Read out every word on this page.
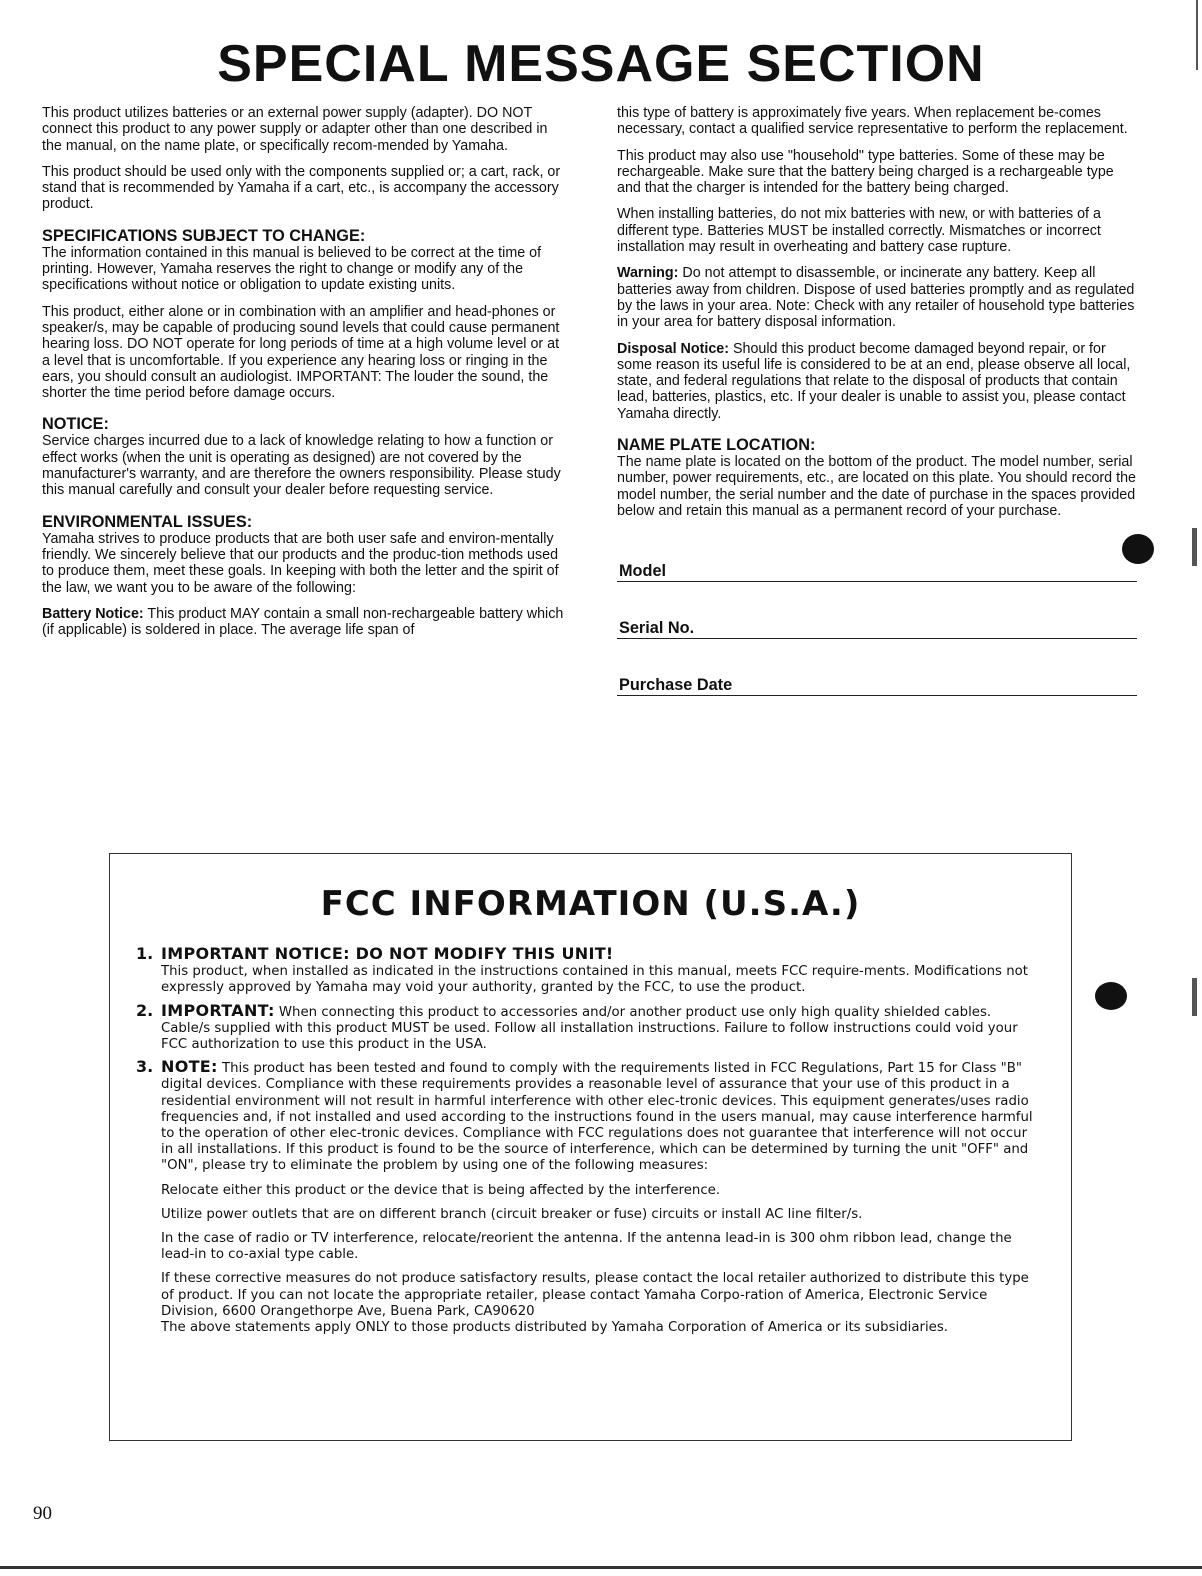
SPECIAL MESSAGE SECTION

This product utilizes batteries or an external power supply (adapter). DO NOT connect this product to any power supply or adapter other than one described in the manual, on the name plate, or specifically recom-mended by Yamaha.

This product should be used only with the components supplied or; a cart, rack, or stand that is recommended by Yamaha if a cart, etc., is accompany the accessory product.

SPECIFICATIONS SUBJECT TO CHANGE:

The information contained in this manual is believed to be correct at the time of printing. However, Yamaha reserves the right to change or modify any of the specifications without notice or obligation to update existing units.

This product, either alone or in combination with an amplifier and head-phones or speaker/s, may be capable of producing sound levels that could cause permanent hearing loss. DO NOT operate for long periods of time at a high volume level or at a level that is uncomfortable. If you experience any hearing loss or ringing in the ears, you should consult an audiologist. IMPORTANT: The louder the sound, the shorter the time period before damage occurs.

NOTICE:

Service charges incurred due to a lack of knowledge relating to how a function or effect works (when the unit is operating as designed) are not covered by the manufacturer's warranty, and are therefore the owners responsibility. Please study this manual carefully and consult your dealer before requesting service.

ENVIRONMENTAL ISSUES:

Yamaha strives to produce products that are both user safe and environ-mentally friendly. We sincerely believe that our products and the produc-tion methods used to produce them, meet these goals. In keeping with both the letter and the spirit of the law, we want you to be aware of the following:

Battery Notice: This product MAY contain a small non-rechargeable battery which (if applicable) is soldered in place. The average life span of

this type of battery is approximately five years. When replacement be-comes necessary, contact a qualified service representative to perform the replacement.

This product may also use "household" type batteries. Some of these may be rechargeable. Make sure that the battery being charged is a rechargeable type and that the charger is intended for the battery being charged.

When installing batteries, do not mix batteries with new, or with batteries of a different type. Batteries MUST be installed correctly. Mismatches or incorrect installation may result in overheating and battery case rupture.

Warning: Do not attempt to disassemble, or incinerate any battery. Keep all batteries away from children. Dispose of used batteries promptly and as regulated by the laws in your area. Note: Check with any retailer of household type batteries in your area for battery disposal information.

Disposal Notice: Should this product become damaged beyond repair, or for some reason its useful life is considered to be at an end, please observe all local, state, and federal regulations that relate to the disposal of products that contain lead, batteries, plastics, etc. If your dealer is unable to assist you, please contact Yamaha directly.

NAME PLATE LOCATION:

The name plate is located on the bottom of the product. The model number, serial number, power requirements, etc., are located on this plate. You should record the model number, the serial number and the date of purchase in the spaces provided below and retain this manual as a permanent record of your purchase.

Model
Serial No.
Purchase Date
FCC INFORMATION (U.S.A.)
1. IMPORTANT NOTICE: DO NOT MODIFY THIS UNIT!
This product, when installed as indicated in the instructions contained in this manual, meets FCC require-ments. Modifications not expressly approved by Yamaha may void your authority, granted by the FCC, to use the product.

2. IMPORTANT: When connecting this product to accessories and/or another product use only high quality shielded cables. Cable/s supplied with this product MUST be used. Follow all installation instructions. Failure to follow instructions could void your FCC authorization to use this product in the USA.

3. NOTE: This product has been tested and found to comply with the requirements listed in FCC Regulations, Part 15 for Class "B" digital devices. Compliance with these requirements provides a reasonable level of assurance that your use of this product in a residential environment will not result in harmful interference with other elec-tronic devices. This equipment generates/uses radio frequencies and, if not installed and used according to the instructions found in the users manual, may cause interference harmful to the operation of other elec-tronic devices. Compliance with FCC regulations does not guarantee that interference will not occur in all installations. If this product is found to be the source of interference, which can be determined by turning the unit "OFF" and "ON", please try to eliminate the problem by using one of the following measures:

Relocate either this product or the device that is being affected by the interference.

Utilize power outlets that are on different branch (circuit breaker or fuse) circuits or install AC line filter/s.

In the case of radio or TV interference, relocate/reorient the antenna. If the antenna lead-in is 300 ohm ribbon lead, change the lead-in to co-axial type cable.

If these corrective measures do not produce satisfactory results, please contact the local retailer authorized to distribute this type of product. If you can not locate the appropriate retailer, please contact Yamaha Corpo-ration of America, Electronic Service Division, 6600 Orangethorpe Ave, Buena Park, CA90620

The above statements apply ONLY to those products distributed by Yamaha Corporation of America or its subsidiaries.

90
